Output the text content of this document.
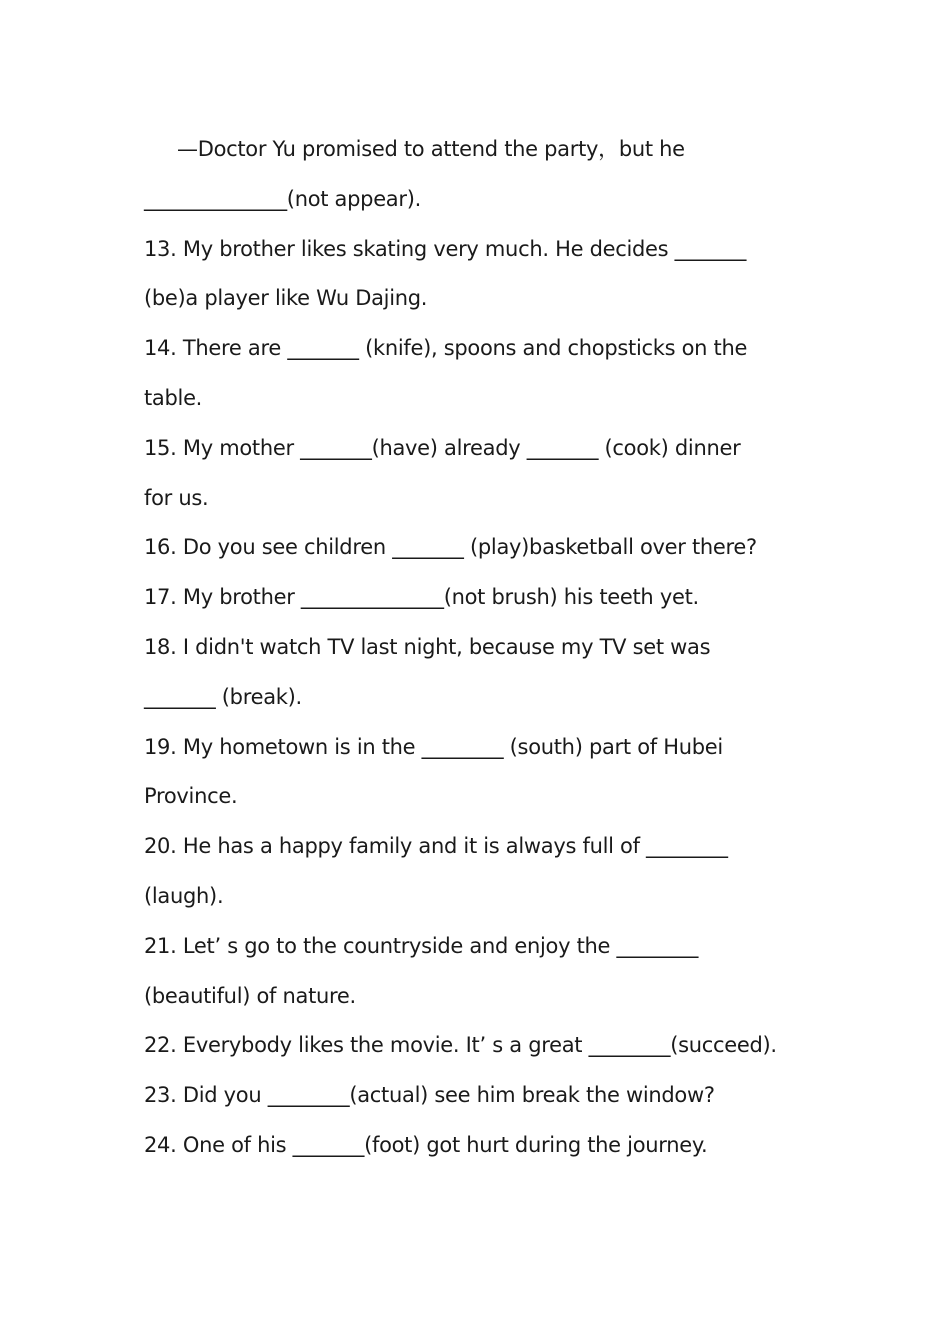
—Doctor Yu promised to attend the party，but he
______________(not appear).
13. My brother likes skating very much. He decides _______
(be)a player like Wu Dajing.
14. There are _______ (knife), spoons and chopsticks on the
table.
15. My mother _______(have) already _______ (cook) dinner
for us.
16. Do you see children _______ (play)basketball over there?
17. My brother ______________(not brush) his teeth yet.
18. I didn't watch TV last night, because my TV set was
_______ (break).
19. My hometown is in the ________ (south) part of Hubei
Province.
20. He has a happy family and it is always full of ________
(laugh).
21. Let’ s go to the countryside and enjoy the ________
(beautiful) of nature.
22. Everybody likes the movie. It’ s a great ________(succeed).
23. Did you ________(actual) see him break the window?
24. One of his _______(foot) got hurt during the journey.
